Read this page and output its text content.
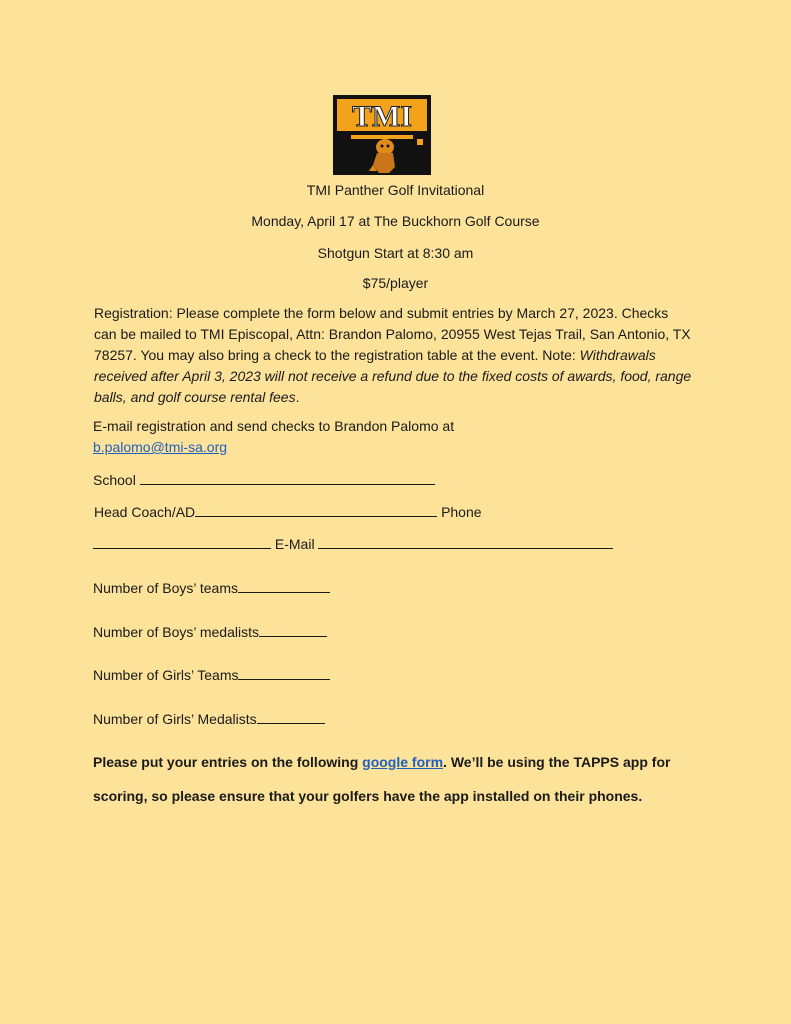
TMI
TMI Panther Golf Invitational
Monday, April 17 at The Buckhorn Golf Course
Shotgun Start at 8:30 am
$75/player
Registration: Please complete the form below and submit entries by March 27, 2023. Checks can be mailed to TMI Episcopal, Attn: Brandon Palomo, 20955 West Tejas Trail, San Antonio, TX 78257. You may also bring a check to the registration table at the event. Note: Withdrawals received after April 3, 2023 will not receive a refund due to the fixed costs of awards, food, range balls, and golf course rental fees.
E-mail registration and send checks to Brandon Palomo at
b.palomo@tmi-sa.org
School
Head Coach/AD	Phone
E-Mail
Number of Boys’ teams
Number of Boys’ medalists
Number of Girls’ Teams
Number of Girls’ Medalists
Please put your entries on the following google form. We’ll be using the TAPPS app for
scoring, so please ensure that your golfers have the app installed on their phones.
